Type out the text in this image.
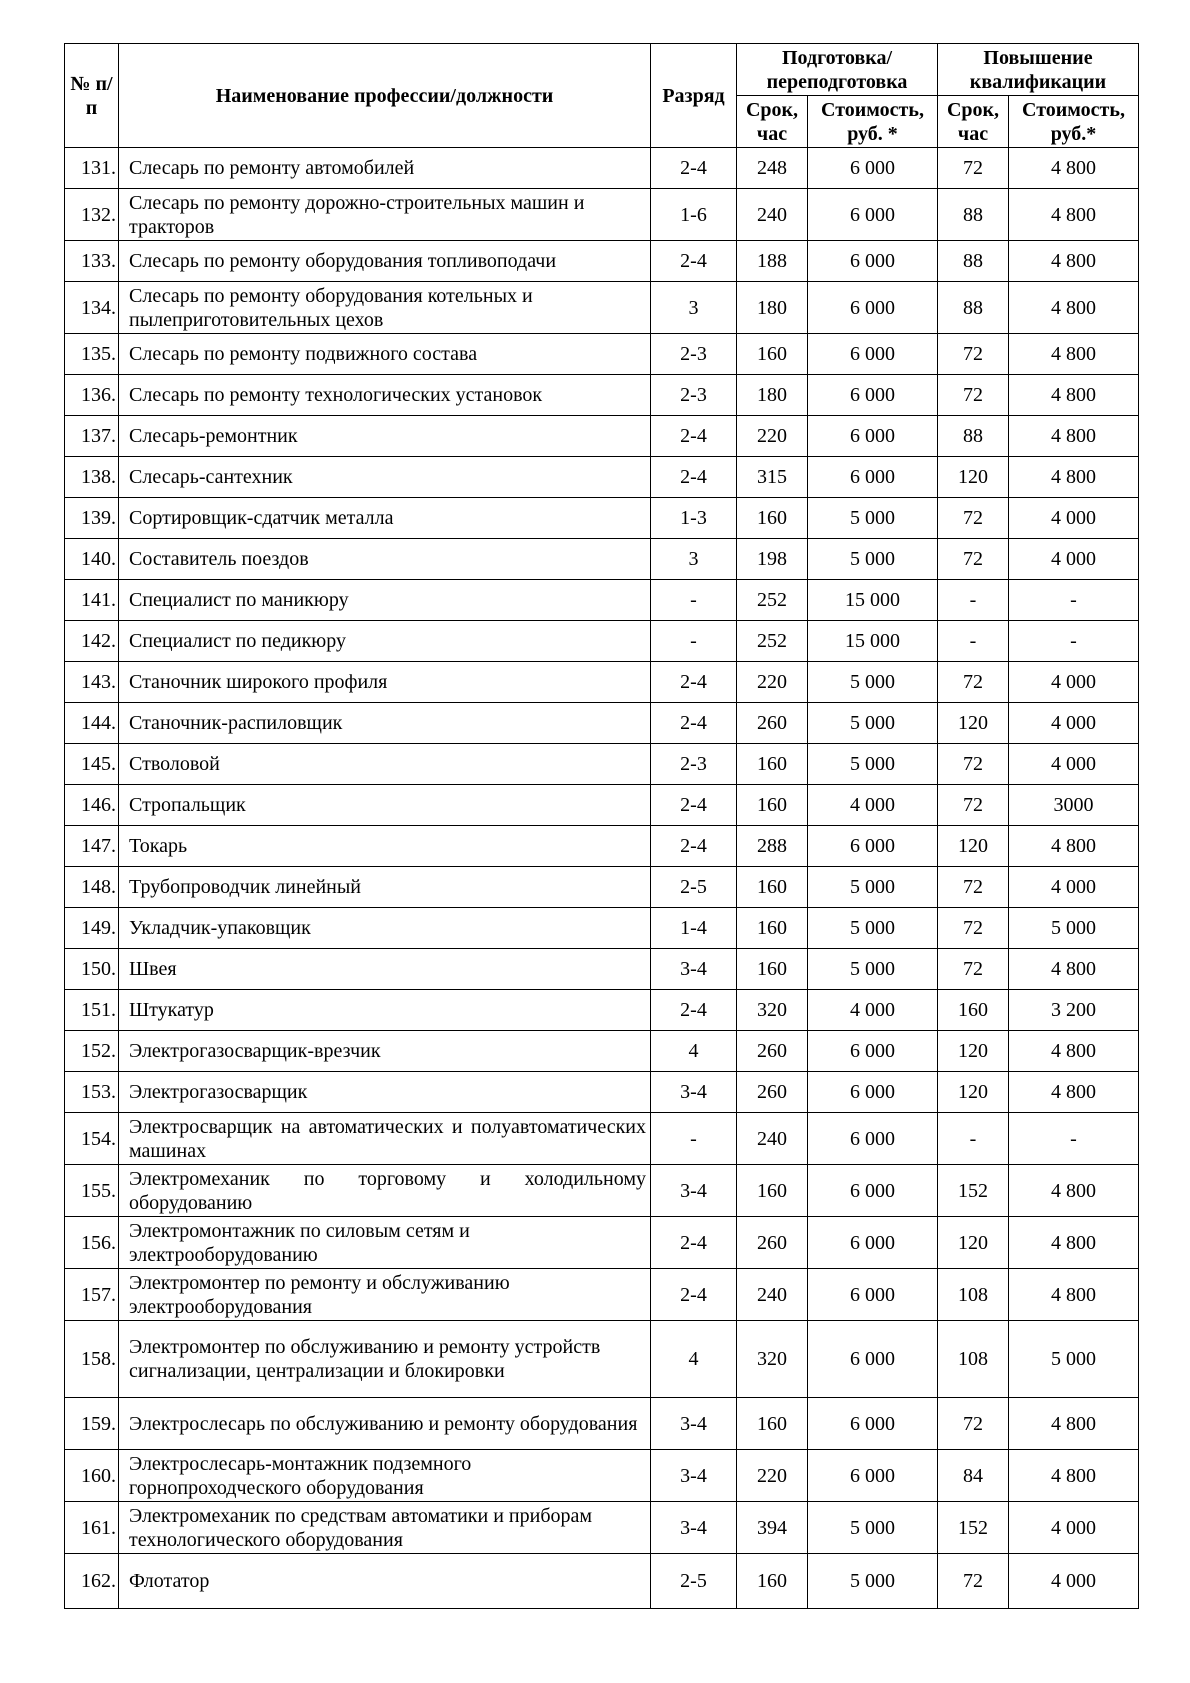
№ п/п	Наименование профессии/должности	Разряд	Подготовка/ переподготовка		Повышение квалификации	
			Срок, час	Стоимость, руб. *	Срок, час	Стоимость, руб.*
131.	Слесарь по ремонту автомобилей	2-4	248	6 000	72	4 800
132.	Слесарь по ремонту дорожно-строительных машин и тракторов	1-6	240	6 000	88	4 800
133.	Слесарь по ремонту оборудования топливоподачи	2-4	188	6 000	88	4 800
134.	Слесарь по ремонту оборудования котельных и пылеприготовительных цехов	3	180	6 000	88	4 800
135.	Слесарь по ремонту подвижного состава	2-3	160	6 000	72	4 800
136.	Слесарь по ремонту технологических установок	2-3	180	6 000	72	4 800
137.	Слесарь-ремонтник	2-4	220	6 000	88	4 800
138.	Слесарь-сантехник	2-4	315	6 000	120	4 800
139.	Сортировщик-сдатчик металла	1-3	160	5 000	72	4 000
140.	Составитель поездов	3	198	5 000	72	4 000
141.	Специалист по маникюру	-	252	15 000	-	-
142.	Специалист по педикюру	-	252	15 000	-	-
143.	Станочник широкого профиля	2-4	220	5 000	72	4 000
144.	Станочник-распиловщик	2-4	260	5 000	120	4 000
145.	Стволовой	2-3	160	5 000	72	4 000
146.	Стропальщик	2-4	160	4 000	72	3000
147.	Токарь	2-4	288	6 000	120	4 800
148.	Трубопроводчик линейный	2-5	160	5 000	72	4 000
149.	Укладчик-упаковщик	1-4	160	5 000	72	5 000
150.	Швея	3-4	160	5 000	72	4 800
151.	Штукатур	2-4	320	4 000	160	3 200
152.	Электрогазосварщик-врезчик	4	260	6 000	120	4 800
153.	Электрогазосварщик	3-4	260	6 000	120	4 800
154.	Электросварщик на автоматических и полуавтоматических машинах	-	240	6 000	-	-
155.	Электромеханик по торговому и холодильному оборудованию	3-4	160	6 000	152	4 800
156.	Электромонтажник по силовым сетям и электрооборудованию	2-4	260	6 000	120	4 800
157.	Электромонтер по ремонту и обслуживанию электрооборудования	2-4	240	6 000	108	4 800
158.	Электромонтер по обслуживанию и ремонту устройств сигнализации, централизации и блокировки	4	320	6 000	108	5 000
159.	Электрослесарь по обслуживанию и ремонту оборудования	3-4	160	6 000	72	4 800
160.	Электрослесарь-монтажник подземного горнопроходческого оборудования	3-4	220	6 000	84	4 800
161.	Электромеханик по средствам автоматики и приборам технологического оборудования	3-4	394	5 000	152	4 000
162.	Флотатор	2-5	160	5 000	72	4 000
